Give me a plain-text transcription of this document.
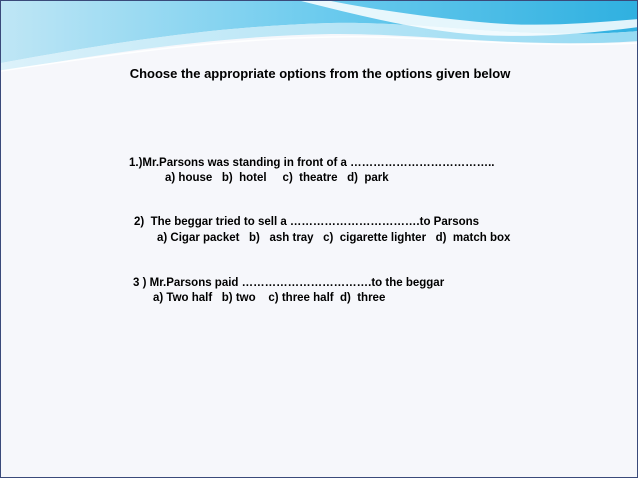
Choose the appropriate options from the options given below
1.)Mr.Parsons was standing in front of a ………………………………..
a) house   b)  hotel     c)  theatre   d)  park
2)  The beggar tried to sell a …………………………….to Parsons
a) Cigar packet   b)   ash tray   c)  cigarette lighter   d)  match box
3 ) Mr.Parsons paid …………………………….to the beggar
a) Two half   b) two    c) three half  d)  three
